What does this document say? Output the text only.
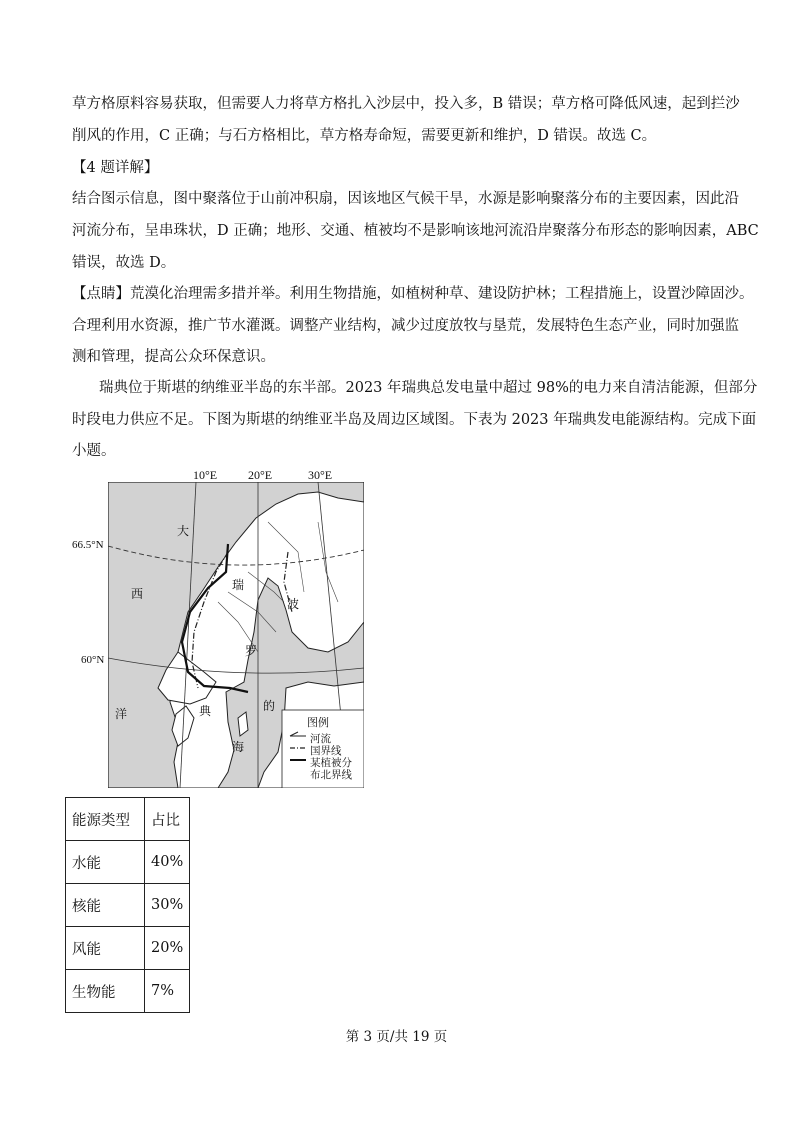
草方格原料容易获取，但需要人力将草方格扎入沙层中，投入多，B 错误；草方格可降低风速，起到拦沙
削风的作用，C 正确；与石方格相比，草方格寿命短，需要更新和维护，D 错误。故选 C。
【4 题详解】
结合图示信息，图中聚落位于山前冲积扇，因该地区气候干旱，水源是影响聚落分布的主要因素，因此沿
河流分布，呈串珠状，D 正确；地形、交通、植被均不是影响该地河流沿岸聚落分布形态的影响因素，ABC
错误，故选 D。
【点睛】荒漠化治理需多措并举。利用生物措施，如植树种草、建设防护林；工程措施上，设置沙障固沙。
合理利用水资源，推广节水灌溉。调整产业结构，减少过度放牧与垦荒，发展特色生态产业，同时加强监
测和管理，提高公众环保意识。
瑞典位于斯堪的纳维亚半岛的东半部。2023 年瑞典总发电量中超过 98%的电力来自清洁能源，但部分
时段电力供应不足。下图为斯堪的纳维亚半岛及周边区域图。下表为 2023 年瑞典发电能源结构。完成下面
小题。
10°E	20°E	30°E
66.5°N
60°N
大
西
洋
瑞
典
波
罗
的
海
图例
河流
国界线
某植被分
布北界线
能源类型	占比
水能	40%
核能	30%
风能	20%
生物能	7%
第 3 页/共 19 页
